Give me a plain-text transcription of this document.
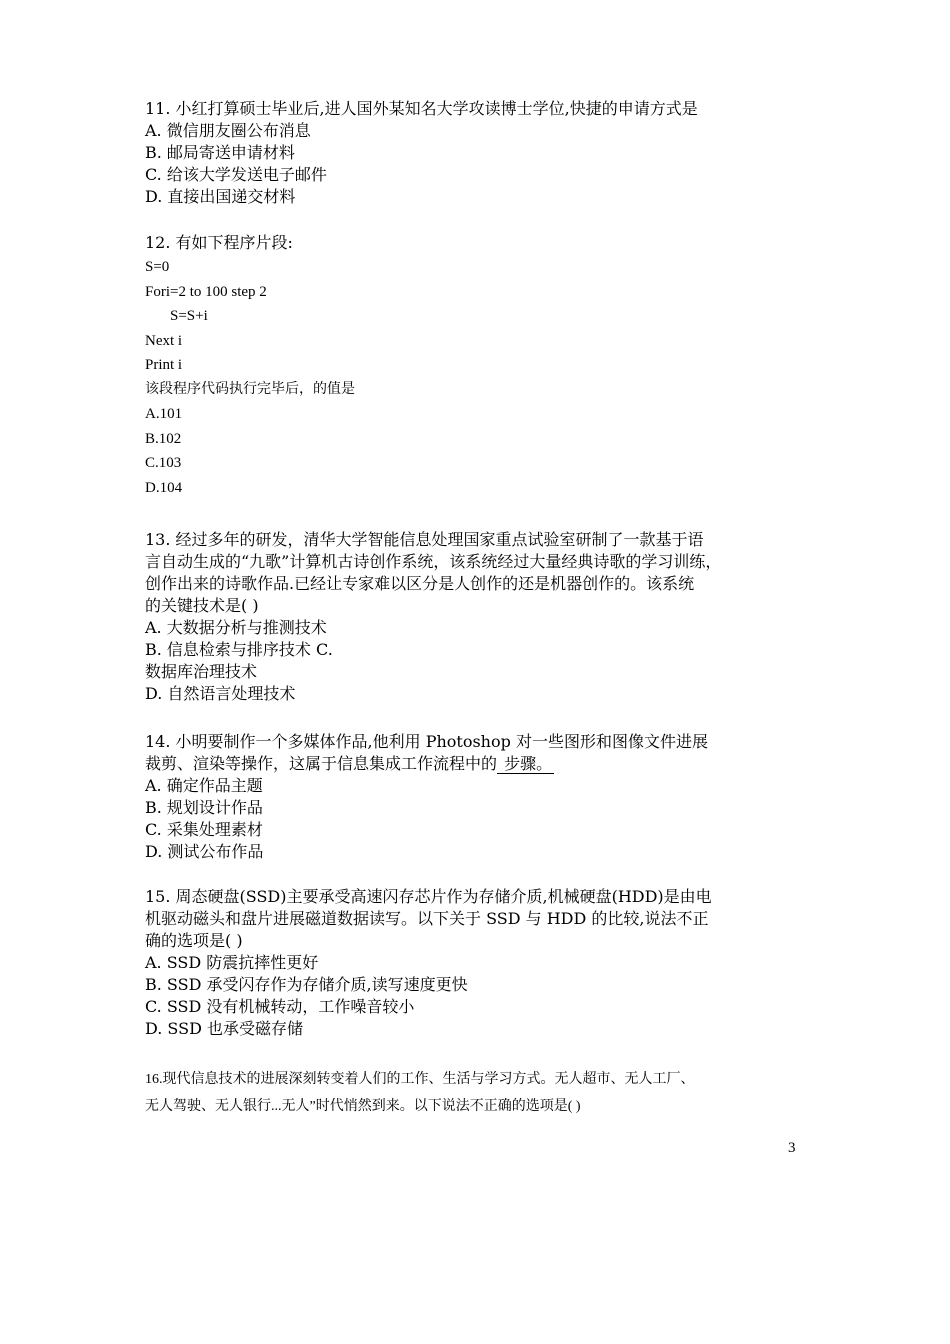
11. 小红打算硕士毕业后,进人国外某知名大学攻读博士学位,快捷的申请方式是
A. 微信朋友圈公布消息
B. 邮局寄送申请材料
C. 给该大学发送电子邮件
D. 直接出国递交材料
12. 有如下程序片段:
S=0
Fori=2 to 100 step 2
S=S+i
Next i
Print i
该段程序代码执行完毕后，的值是
A.101
B.102
C.103
D.104
13. 经过多年的研发，清华大学智能信息处理国家重点试验室研制了一款基于语
言自动生成的“九歌”计算机古诗创作系统，该系统经过大量经典诗歌的学习训练，
创作出来的诗歌作品.已经让专家难以区分是人创作的还是机器创作的。该系统
的关键技术是( )
A. 大数据分析与推测技术
B. 信息检索与排序技术 C.
数据库治理技术
D. 自然语言处理技术
14. 小明要制作一个多媒体作品,他利用 Photoshop 对一些图形和图像文件进展
裁剪、渲染等操作，这属于信息集成工作流程中的 步骤。
A. 确定作品主题
B. 规划设计作品
C. 采集处理素材
D. 测试公布作品
15. 周态硬盘(SSD)主要承受高速闪存芯片作为存储介质,机械硬盘(HDD)是由电
机驱动磁头和盘片进展磁道数据读写。以下关于 SSD 与 HDD 的比较,说法不正
确的选项是( )
A. SSD 防震抗摔性更好
B. SSD 承受闪存作为存储介质,读写速度更快
C. SSD 没有机械转动，工作噪音较小
D. SSD 也承受磁存储
16.现代信息技术的进展深刻转变着人们的工作、生活与学习方式。无人超市、无人工厂、
无人驾驶、无人银行...无人”时代悄然到来。以下说法不正确的选项是( )
3
